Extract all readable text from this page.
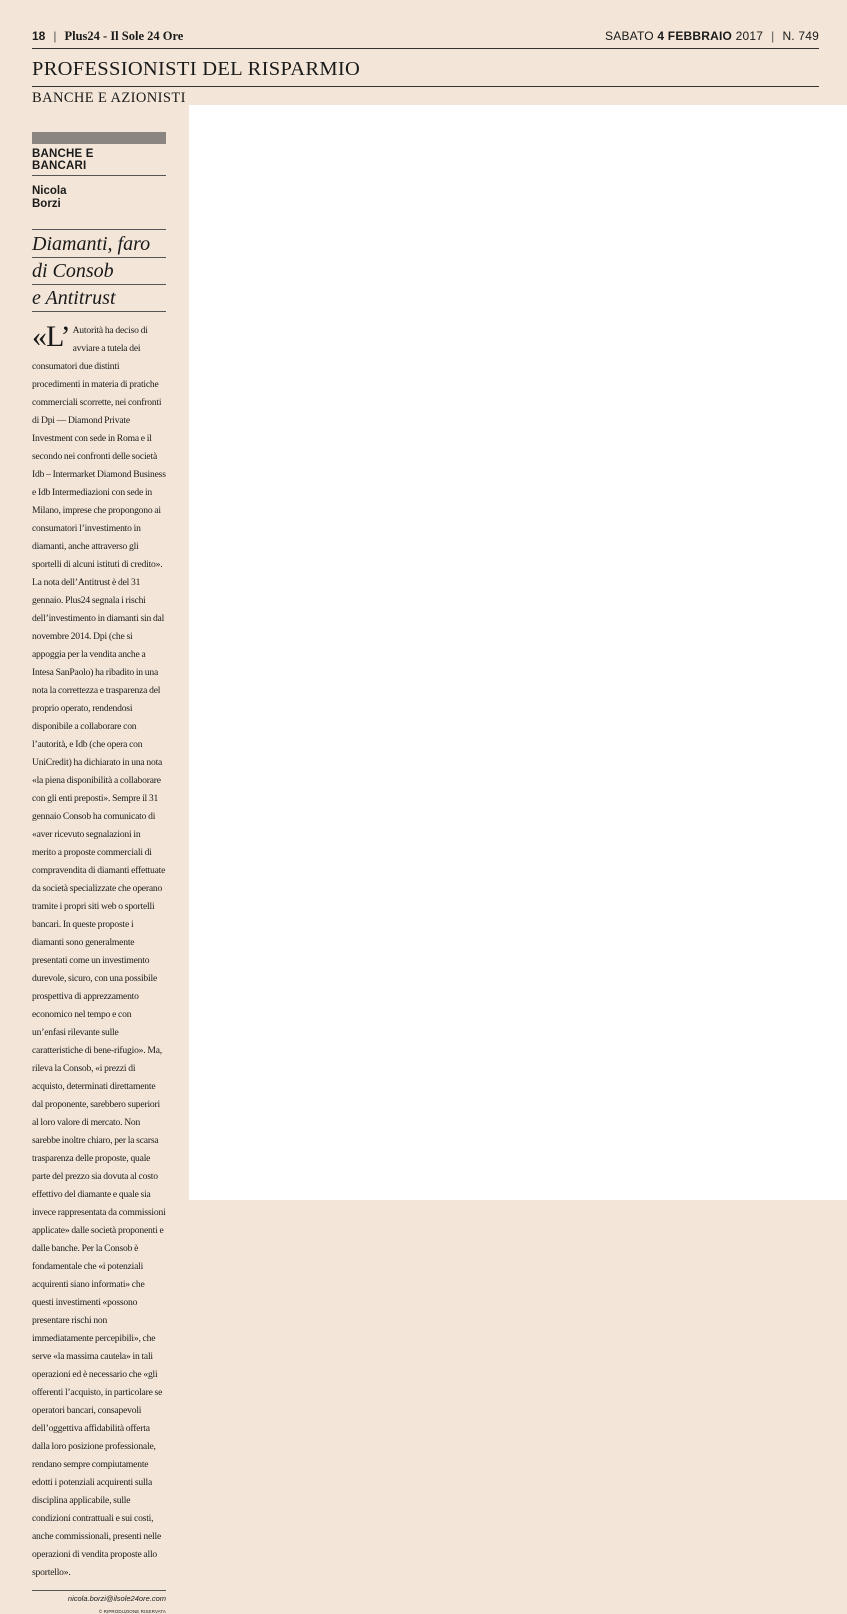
18 | Plus24 - Il Sole 24 Ore	SABATO 4 FEBBRAIO 2017 | N. 749
PROFESSIONISTI DEL RISPARMIO
BANCHE E AZIONISTI
BANCHE E
BANCARI
Nicola
Borzi
Diamanti, faro
di Consob
e Antitrust
«L’ Autorità ha deciso di avviare a tutela dei consumatori due distinti procedimenti in materia di pratiche commerciali scorrette, nei confronti di Dpi — Diamond Private Investment con sede in Roma e il secondo nei confronti delle società Idb – Intermarket Diamond Business e Idb Intermediazioni con sede in Milano, imprese che propongono ai consumatori l’investimento in diamanti, anche attraverso gli sportelli di alcuni istituti di credito». La nota dell’Antitrust è del 31 gennaio. Plus24 segnala i rischi dell’investimento in diamanti sin dal novembre 2014. Dpi (che si appoggia per la vendita anche a Intesa SanPaolo) ha ribadito in una nota la correttezza e trasparenza del proprio operato, rendendosi disponibile a collaborare con l’autorità, e Idb (che opera con UniCredit) ha dichiarato in una nota «la piena disponibilità a collaborare con gli enti preposti». Sempre il 31 gennaio Consob ha comunicato di «aver ricevuto segnalazioni in merito a proposte commerciali di compravendita di diamanti effettuate da società specializzate che operano tramite i propri siti web o sportelli bancari. In queste proposte i diamanti sono generalmente presentati come un investimento durevole, sicuro, con una possibile prospettiva di apprezzamento economico nel tempo e con un’enfasi rilevante sulle caratteristiche di bene-rifugio». Ma, rileva la Consob, «i prezzi di acquisto, determinati direttamente dal proponente, sarebbero superiori al loro valore di mercato. Non sarebbe inoltre chiaro, per la scarsa trasparenza delle proposte, quale parte del prezzo sia dovuta al costo effettivo del diamante e quale sia invece rappresentata da commissioni applicate» dalle società proponenti e dalle banche. Per la Consob è fondamentale che «i potenziali acquirenti siano informati» che questi investimenti «possono presentare rischi non immediatamente percepibili», che serve «la massima cautela» in tali operazioni ed è necessario che «gli offerenti l’acquisto, in particolare se operatori bancari, consapevoli dell’oggettiva affidabilità offerta dalla loro posizione professionale, rendano sempre compiutamente edotti i potenziali acquirenti sulla disciplina applicabile, sulle condizioni contrattuali e sui costi, anche commissionali, presenti nelle operazioni di vendita proposte allo sportello».
nicola.borzi@ilsole24ore.com
© RIPRODUZIONE RISERVATA
